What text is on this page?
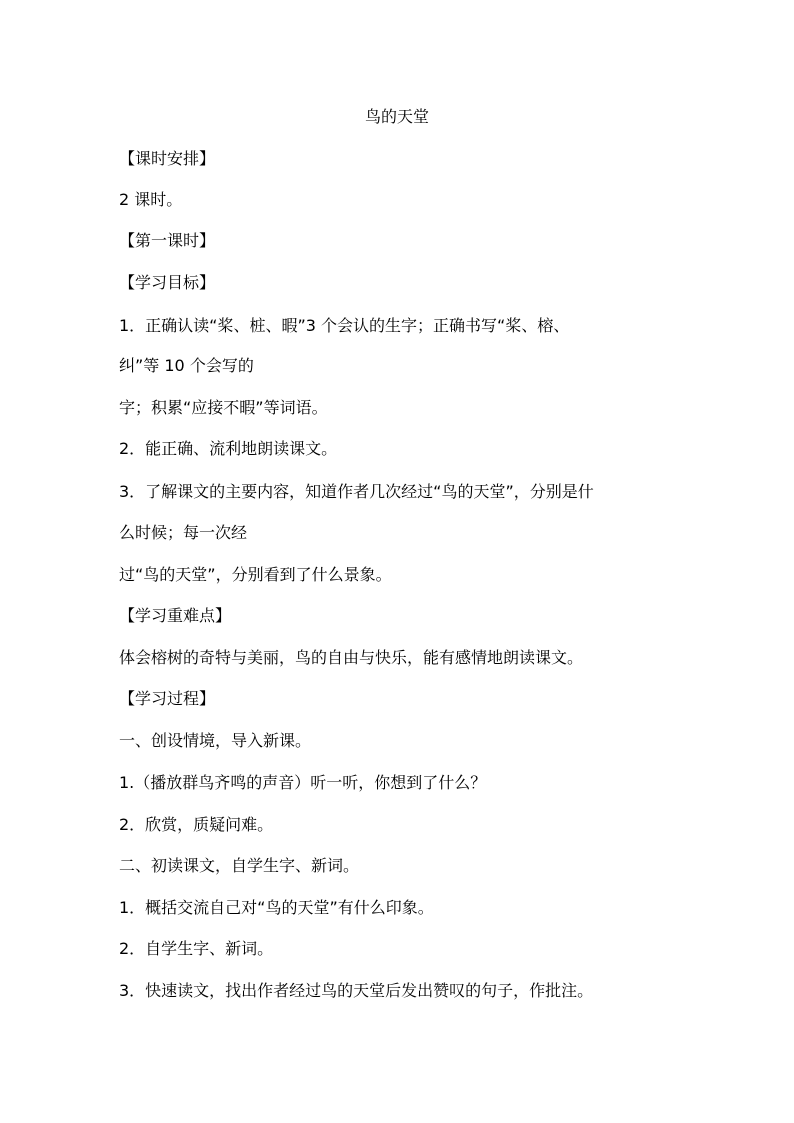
鸟的天堂
【课时安排】
2 课时。
【第一课时】
【学习目标】
1．正确认读“桨、桩、暇”3 个会认的生字；正确书写“桨、榕、
纠”等 10 个会写的
字；积累“应接不暇”等词语。
2．能正确、流利地朗读课文。
3．了解课文的主要内容，知道作者几次经过“鸟的天堂”，分别是什
么时候；每一次经
过“鸟的天堂”，分别看到了什么景象。
【学习重难点】
体会榕树的奇特与美丽，鸟的自由与快乐，能有感情地朗读课文。
【学习过程】
一、创设情境，导入新课。
1.（播放群鸟齐鸣的声音）听一听，你想到了什么？
2．欣赏，质疑问难。
二、初读课文，自学生字、新词。
1．概括交流自己对“鸟的天堂”有什么印象。
2．自学生字、新词。
3．快速读文，找出作者经过鸟的天堂后发出赞叹的句子，作批注。
